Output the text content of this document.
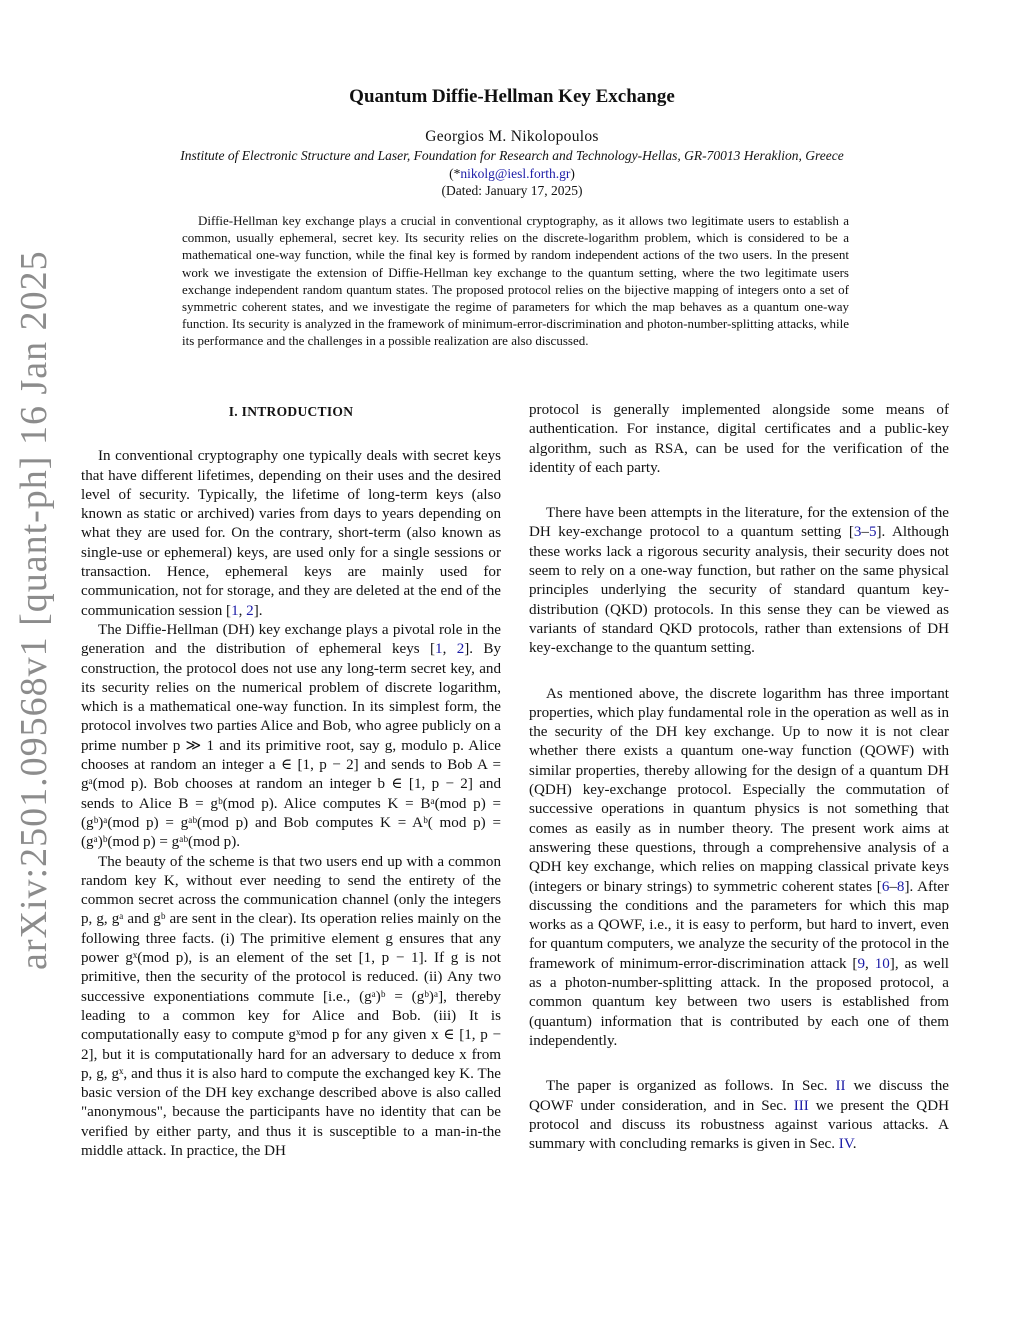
arXiv:2501.09568v1 [quant-ph] 16 Jan 2025
Quantum Diffie-Hellman Key Exchange
Georgios M. Nikolopoulos
Institute of Electronic Structure and Laser, Foundation for Research and Technology-Hellas, GR-70013 Heraklion, Greece
(*nikolg@iesl.forth.gr)
(Dated: January 17, 2025)
Diffie-Hellman key exchange plays a crucial in conventional cryptography, as it allows two legitimate users to establish a common, usually ephemeral, secret key. Its security relies on the discrete-logarithm problem, which is considered to be a mathematical one-way function, while the final key is formed by random independent actions of the two users. In the present work we investigate the extension of Diffie-Hellman key exchange to the quantum setting, where the two legitimate users exchange independent random quantum states. The proposed protocol relies on the bijective mapping of integers onto a set of symmetric coherent states, and we investigate the regime of parameters for which the map behaves as a quantum one-way function. Its security is analyzed in the framework of minimum-error-discrimination and photon-number-splitting attacks, while its performance and the challenges in a possible realization are also discussed.
I. INTRODUCTION

In conventional cryptography one typically deals with secret keys that have different lifetimes, depending on their uses and the desired level of security. Typically, the lifetime of long-term keys (also known as static or archived) varies from days to years depending on what they are used for. On the contrary, short-term (also known as single-use or ephemeral) keys, are used only for a single sessions or transaction. Hence, ephemeral keys are mainly used for communication, not for storage, and they are deleted at the end of the communication session [1, 2].

The Diffie-Hellman (DH) key exchange plays a pivotal role in the generation and the distribution of ephemeral keys [1, 2]. By construction, the protocol does not use any long-term secret key, and its security relies on the numerical problem of discrete logarithm, which is a mathematical one-way function. In its simplest form, the protocol involves two parties Alice and Bob, who agree publicly on a prime number p ≫ 1 and its primitive root, say g, modulo p. Alice chooses at random an integer a ∈ [1, p − 2] and sends to Bob A = gᵃ(mod p). Bob chooses at random an integer b ∈ [1, p − 2] and sends to Alice B = gᵇ(mod p). Alice computes K = Bᵃ(mod p) = (gᵇ)ᵃ(mod p) = gᵃᵇ(mod p) and Bob computes K = Aᵇ( mod p) = (gᵃ)ᵇ(mod p) = gᵃᵇ(mod p).

The beauty of the scheme is that two users end up with a common random key K, without ever needing to send the entirety of the common secret across the communication channel (only the integers p, g, gᵃ and gᵇ are sent in the clear). Its operation relies mainly on the following three facts. (i) The primitive element g ensures that any power gˣ(mod p), is an element of the set [1, p − 1]. If g is not primitive, then the security of the protocol is reduced. (ii) Any two successive exponentiations commute [i.e., (gᵃ)ᵇ = (gᵇ)ᵃ], thereby leading to a common key for Alice and Bob. (iii) It is computationally easy to compute gˣmod p for any given x ∈ [1, p − 2], but it is computationally hard for an adversary to deduce x from p, g, gˣ, and thus it is also hard to compute the exchanged key K. The basic version of the DH key exchange described above is also called "anonymous", because the participants have no identity that can be verified by either party, and thus it is susceptible to a man-in-the middle attack. In practice, the DH

protocol is generally implemented alongside some means of authentication. For instance, digital certificates and a public-key algorithm, such as RSA, can be used for the verification of the identity of each party.

There have been attempts in the literature, for the extension of the DH key-exchange protocol to a quantum setting [3–5]. Although these works lack a rigorous security analysis, their security does not seem to rely on a one-way function, but rather on the same physical principles underlying the security of standard quantum key-distribution (QKD) protocols. In this sense they can be viewed as variants of standard QKD protocols, rather than extensions of DH key-exchange to the quantum setting.

As mentioned above, the discrete logarithm has three important properties, which play fundamental role in the operation as well as in the security of the DH key exchange. Up to now it is not clear whether there exists a quantum one-way function (QOWF) with similar properties, thereby allowing for the design of a quantum DH (QDH) key-exchange protocol. Especially the commutation of successive operations in quantum physics is not something that comes as easily as in number theory. The present work aims at answering these questions, through a comprehensive analysis of a QDH key exchange, which relies on mapping classical private keys (integers or binary strings) to symmetric coherent states [6–8]. After discussing the conditions and the parameters for which this map works as a QOWF, i.e., it is easy to perform, but hard to invert, even for quantum computers, we analyze the security of the protocol in the framework of minimum-error-discrimination attack [9, 10], as well as a photon-number-splitting attack. In the proposed protocol, a common quantum key between two users is established from (quantum) information that is contributed by each one of them independently.

The paper is organized as follows. In Sec. II we discuss the QOWF under consideration, and in Sec. III we present the QDH protocol and discuss its robustness against various attacks. A summary with concluding remarks is given in Sec. IV.
